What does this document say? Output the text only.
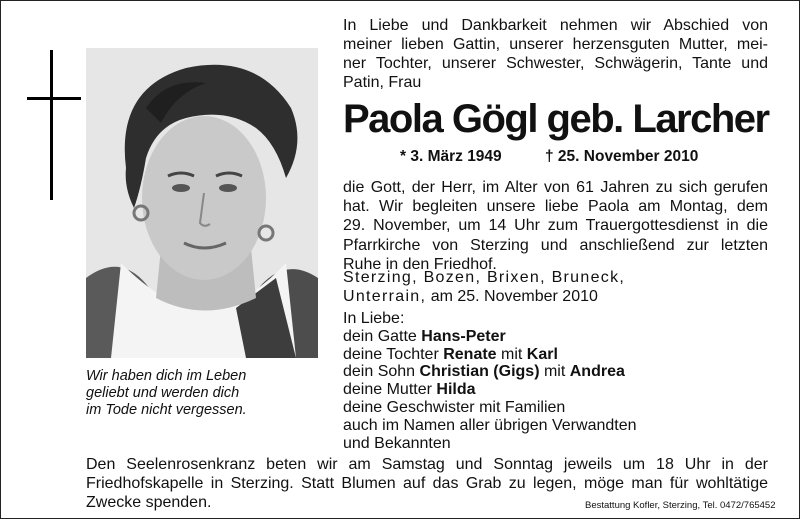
Wir haben dich im Leben
geliebt und werden dich
im Tode nicht vergessen.
In Liebe und Dankbarkeit nehmen wir Abschied von
meiner lieben Gattin, unserer herzensguten Mutter, mei-
ner Tochter, unserer Schwester, Schwägerin, Tante und
Patin, Frau
Paola Gögl geb. Larcher
* 3. März 1949	† 25. November 2010
die Gott, der Herr, im Alter von 61 Jahren zu sich gerufen
hat. Wir begleiten unsere liebe Paola am Montag, dem
29. November, um 14 Uhr zum Trauergottesdienst in die
Pfarrkirche von Sterzing und anschließend zur letzten
Ruhe in den Friedhof.
Sterzing, Bozen, Brixen, Bruneck,
Unterrain, am 25. November 2010
In Liebe:
dein Gatte Hans-Peter
deine Tochter Renate mit Karl
dein Sohn Christian (Gigs) mit Andrea
deine Mutter Hilda
deine Geschwister mit Familien
auch im Namen aller übrigen Verwandten
und Bekannten
Den Seelenrosenkranz beten wir am Samstag und Sonntag jeweils um 18 Uhr in der
Friedhofskapelle in Sterzing. Statt Blumen auf das Grab zu legen, möge man für wohltätige
Zwecke spenden.	Bestattung Kofler, Sterzing, Tel. 0472/765452
